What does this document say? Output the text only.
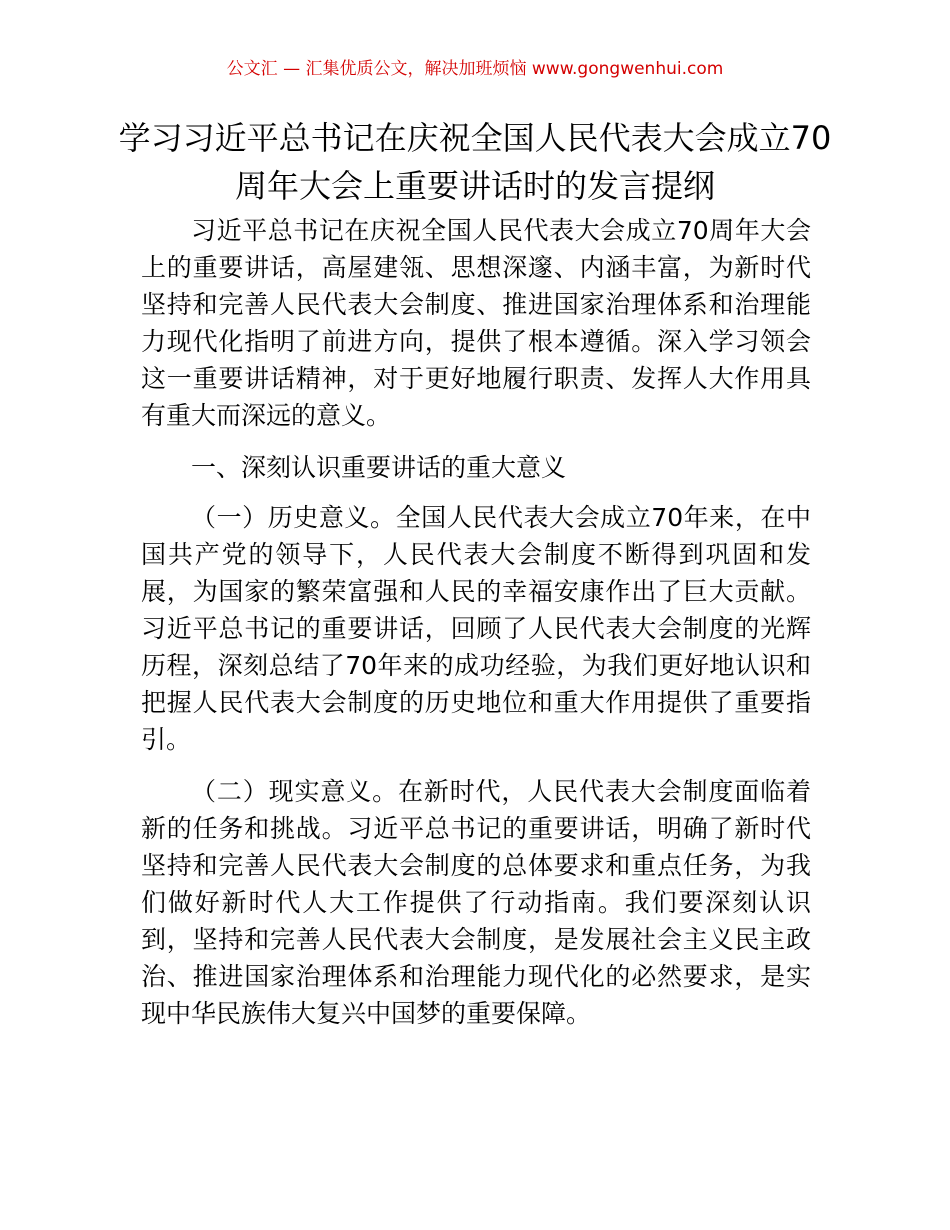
公文汇 — 汇集优质公文，解决加班烦恼 www.gongwenhui.com
学习习近平总书记在庆祝全国人民代表大会成立70周年大会上重要讲话时的发言提纲

习近平总书记在庆祝全国人民代表大会成立70周年大会上的重要讲话，高屋建瓴、思想深邃、内涵丰富，为新时代坚持和完善人民代表大会制度、推进国家治理体系和治理能力现代化指明了前进方向，提供了根本遵循。深入学习领会这一重要讲话精神，对于更好地履行职责、发挥人大作用具有重大而深远的意义。

一、深刻认识重要讲话的重大意义

（一）历史意义。全国人民代表大会成立70年来，在中国共产党的领导下，人民代表大会制度不断得到巩固和发展，为国家的繁荣富强和人民的幸福安康作出了巨大贡献。习近平总书记的重要讲话，回顾了人民代表大会制度的光辉历程，深刻总结了70年来的成功经验，为我们更好地认识和把握人民代表大会制度的历史地位和重大作用提供了重要指引。

（二）现实意义。在新时代，人民代表大会制度面临着新的任务和挑战。习近平总书记的重要讲话，明确了新时代坚持和完善人民代表大会制度的总体要求和重点任务，为我们做好新时代人大工作提供了行动指南。我们要深刻认识到，坚持和完善人民代表大会制度，是发展社会主义民主政治、推进国家治理体系和治理能力现代化的必然要求，是实现中华民族伟大复兴中国梦的重要保障。
